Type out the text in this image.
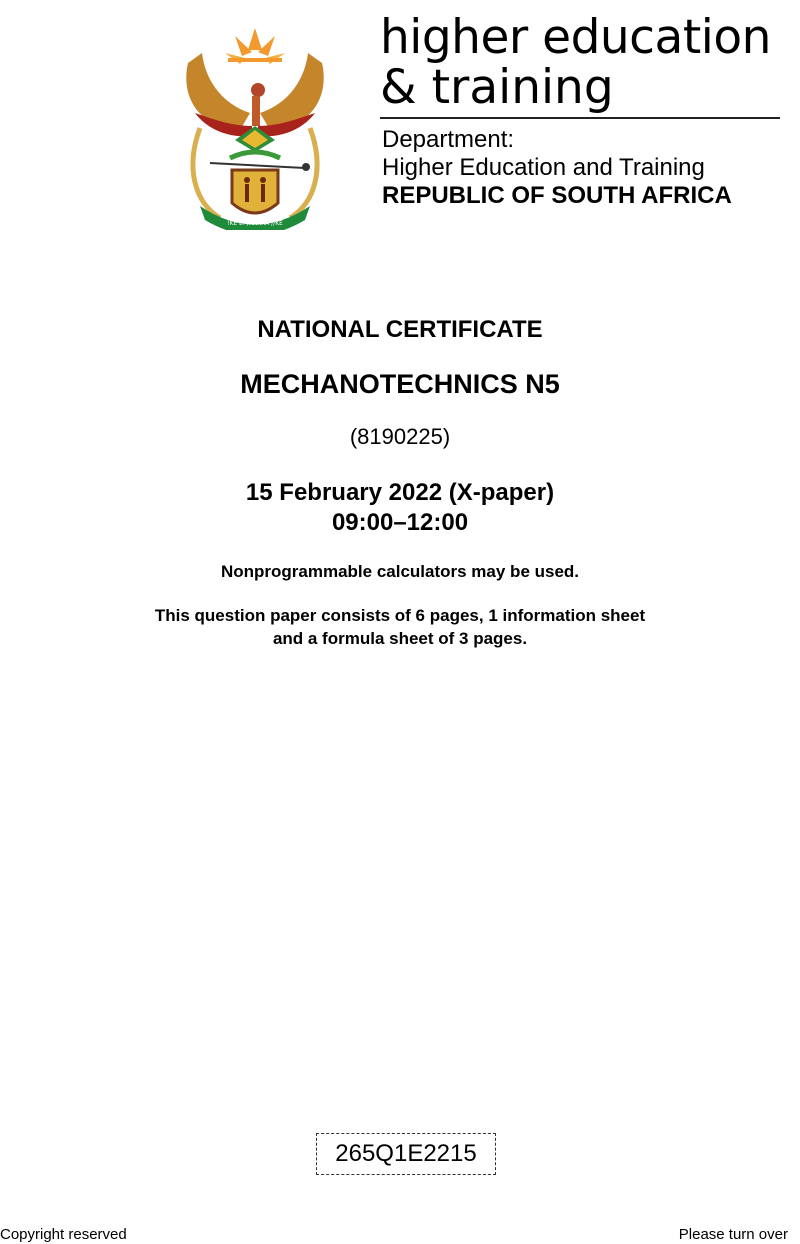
!KE E: /XARRA //KE
higher education
& training
Department:
Higher Education and Training
REPUBLIC OF SOUTH AFRICA
NATIONAL CERTIFICATE
MECHANOTECHNICS N5
(8190225)
15 February 2022 (X-paper)
09:00–12:00
Nonprogrammable calculators may be used.
This question paper consists of 6 pages, 1 information sheet
and a formula sheet of 3 pages.
265Q1E2215
Copyright reserved	Please turn over
